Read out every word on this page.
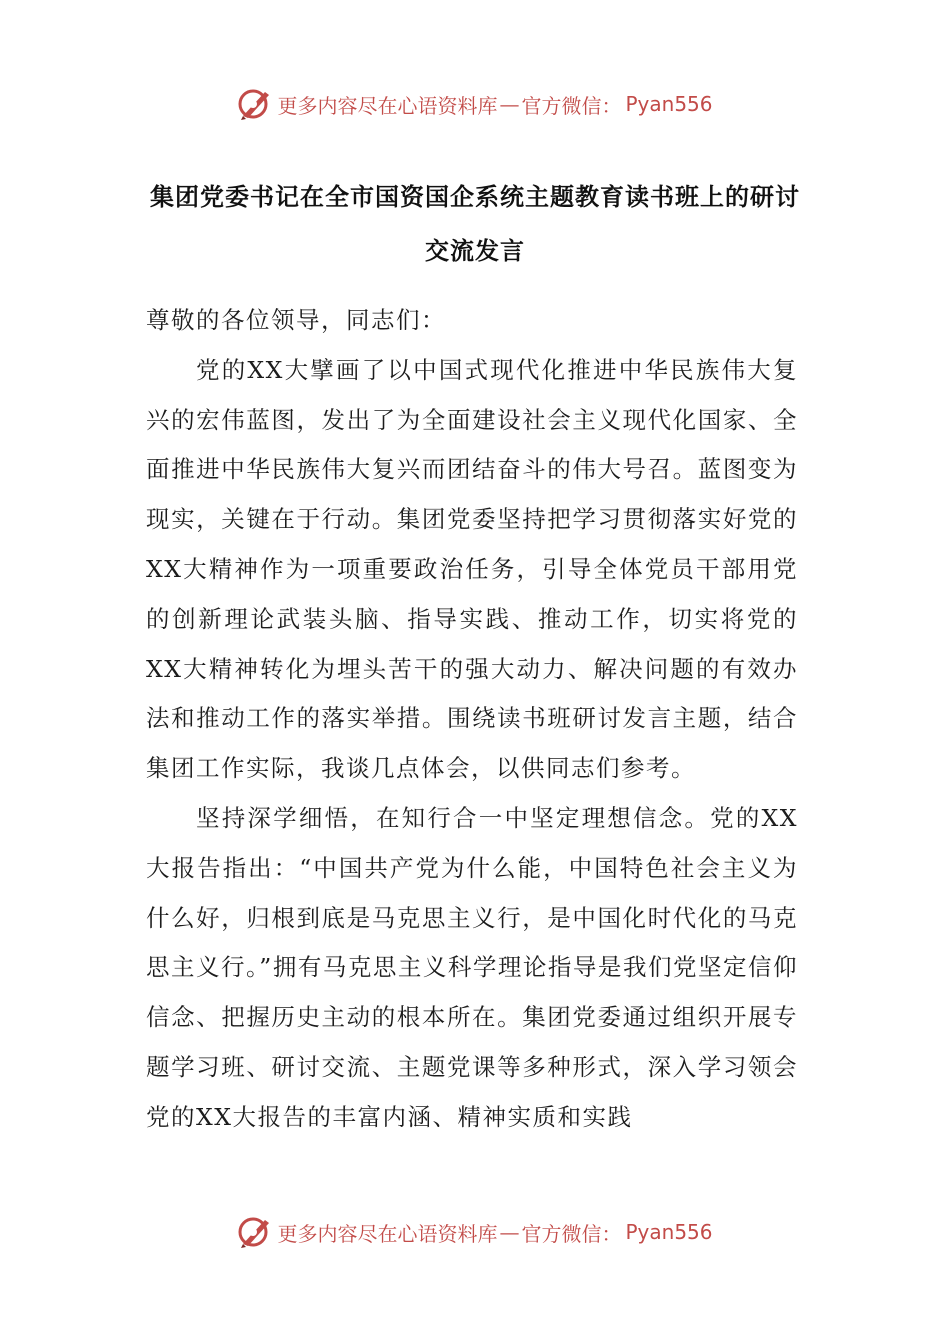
更多内容尽在心语资料库 — 官方微信： Pyan556
集团党委书记在全市国资国企系统主题教育读书班上的研讨交流发言

尊敬的各位领导，同志们：

党的XX大擘画了以中国式现代化推进中华民族伟大复兴的宏伟蓝图，发出了为全面建设社会主义现代化国家、全面推进中华民族伟大复兴而团结奋斗的伟大号召。蓝图变为现实，关键在于行动。集团党委坚持把学习贯彻落实好党的XX大精神作为一项重要政治任务，引导全体党员干部用党的创新理论武装头脑、指导实践、推动工作，切实将党的XX大精神转化为埋头苦干的强大动力、解决问题的有效办法和推动工作的落实举措。围绕读书班研讨发言主题，结合集团工作实际，我谈几点体会，以供同志们参考。

坚持深学细悟，在知行合一中坚定理想信念。党的XX大报告指出：“中国共产党为什么能，中国特色社会主义为什么好，归根到底是马克思主义行，是中国化时代化的马克思主义行。”拥有马克思主义科学理论指导是我们党坚定信仰信念、把握历史主动的根本所在。集团党委通过组织开展专题学习班、研讨交流、主题党课等多种形式，深入学习领会党的XX大报告的丰富内涵、精神实质和实践

更多内容尽在心语资料库 — 官方微信： Pyan556
